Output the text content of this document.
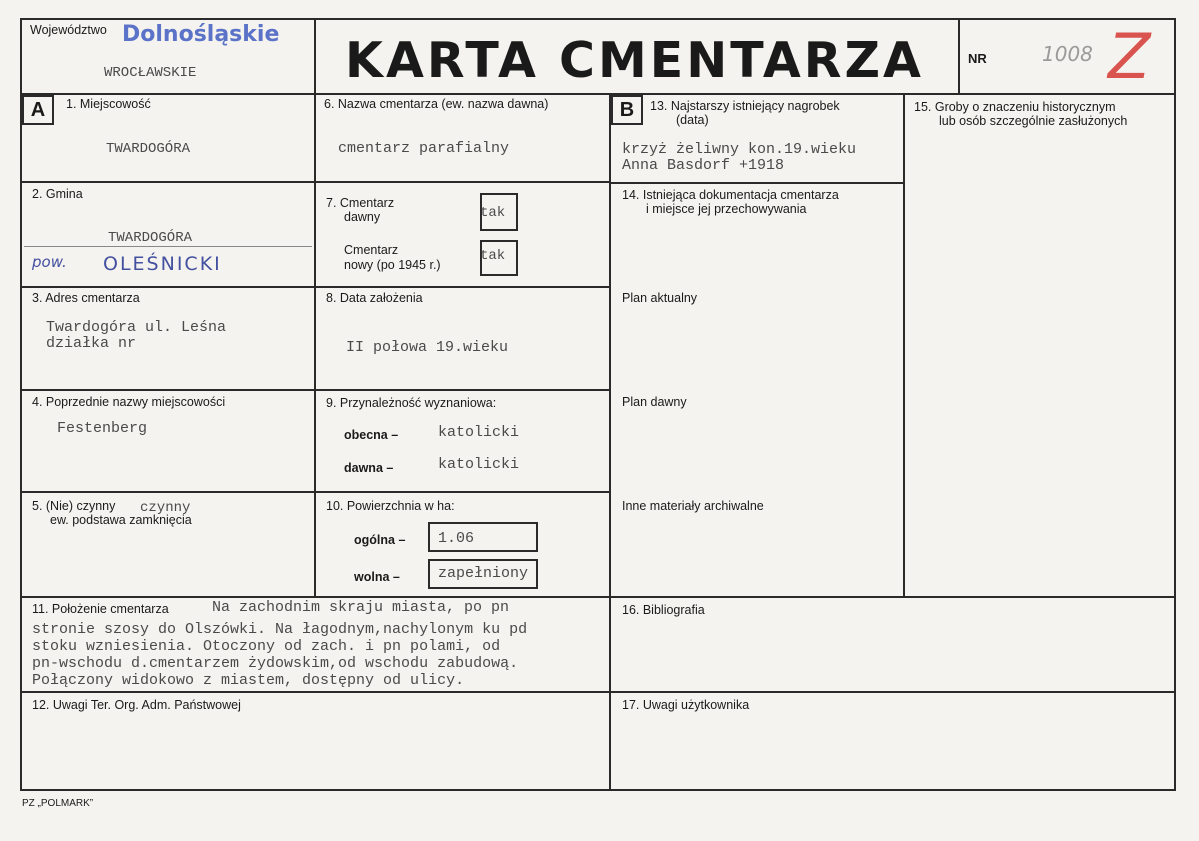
Województwo Dolnośląskie
WROCŁAWSKIE	KARTA CMENTARZA	NR	1008 Z
A	B
1. Miejscowość
TWARDOGÓRA
2. Gmina
TWARDOGÓRA
pow. OLEŚNICKI
3. Adres cmentarza
Twardogóra ul. Leśna
działka nr
4. Poprzednie nazwy miejscowości
Festenberg
5. (Nie) czynny
ew. podstawa zamknięcia
czynny
6. Nazwa cmentarza (ew. nazwa dawna)
cmentarz parafialny
7. Cmentarz
dawny	tak
Cmentarz
nowy (po 1945 r.)
tak
8. Data założenia
II połowa 19.wieku
9. Przynależność wyznaniowa:
obecna –	katolicki
dawna –	katolicki
10. Powierzchnia w ha:
ogólna – 1.06
wolna –	zapełniony
13. Najstarszy istniejący nagrobek
(data)
krzyż żeliwny kon.19.wieku
Anna Basdorf +1918
14. Istniejąca dokumentacja cmentarza
i miejsce jej przechowywania
Plan aktualny
Plan dawny
Inne materiały archiwalne
15. Groby o znaczeniu historycznym
lub osób szczególnie zasłużonych
11. Położenie cmentarza	Na zachodnim skraju miasta, po pn
stronie szosy do Olszówki. Na łagodnym,nachylonym ku pd
stoku wzniesienia. Otoczony od zach. i pn polami, od
pn-wschodu d.cmentarzem żydowskim,od wschodu zabudową.
Połączony widokowo z miastem, dostępny od ulicy.
16. Bibliografia
12. Uwagi Ter. Org. Adm. Państwowej	17. Uwagi użytkownika
PZ „POLMARK”
